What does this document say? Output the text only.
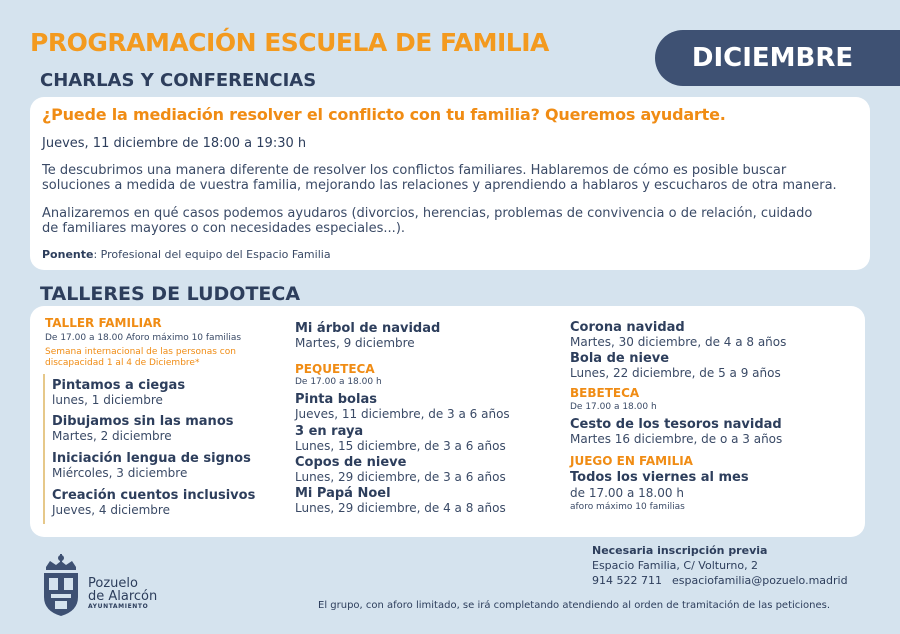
PROGRAMACIÓN ESCUELA DE FAMILIA
DICIEMBRE
CHARLAS Y CONFERENCIAS
¿Puede la mediación resolver el conflicto con tu familia? Queremos ayudarte.
Jueves, 11 diciembre de 18:00 a 19:30 h
Te descubrimos una manera diferente de resolver los conflictos familiares. Hablaremos de cómo es posible buscar
soluciones a medida de vuestra familia, mejorando las relaciones y aprendiendo a hablaros y escucharos de otra manera.
Analizaremos en qué casos podemos ayudaros (divorcios, herencias, problemas de convivencia o de relación, cuidado
de familiares mayores o con necesidades especiales...).
Ponente: Profesional del equipo del Espacio Familia
TALLERES DE LUDOTECA
TALLER FAMILIAR
De 17.00 a 18.00 Aforo máximo 10 familias
Semana internacional de las personas con
discapacidad 1 al 4 de Diciembre*
Pintamos a ciegas
lunes, 1 diciembre
Dibujamos sin las manos
Martes, 2 diciembre
Iniciación lengua de signos
Miércoles, 3 diciembre
Creación cuentos inclusivos
Jueves, 4 diciembre
Mi árbol de navidad
Martes, 9 diciembre
PEQUETECA
De 17.00 a 18.00 h
Pinta bolas
Jueves, 11 diciembre, de 3 a 6 años
3 en raya
Lunes, 15 diciembre, de 3 a 6 años
Copos de nieve
Lunes, 29 diciembre, de 3 a 6 años
Mi Papá Noel
Lunes, 29 diciembre, de 4 a 8 años
Corona navidad
Martes, 30 diciembre, de 4 a 8 años
Bola de nieve
Lunes, 22 diciembre, de 5 a 9 años
BEBETECA
De 17.00 a 18.00 h
Cesto de los tesoros navidad
Martes 16 diciembre, de o a 3 años
JUEGO EN FAMILIA
Todos los viernes al mes
de 17.00 a 18.00 h
aforo máximo 10 familias
Pozuelo
de Alarcón
AYUNTAMIENTO
Necesaria inscripción previa
Espacio Familia, C/ Volturno, 2
914 522 711 espaciofamilia@pozuelo.madrid
El grupo, con aforo limitado, se irá completando atendiendo al orden de tramitación de las peticiones.
